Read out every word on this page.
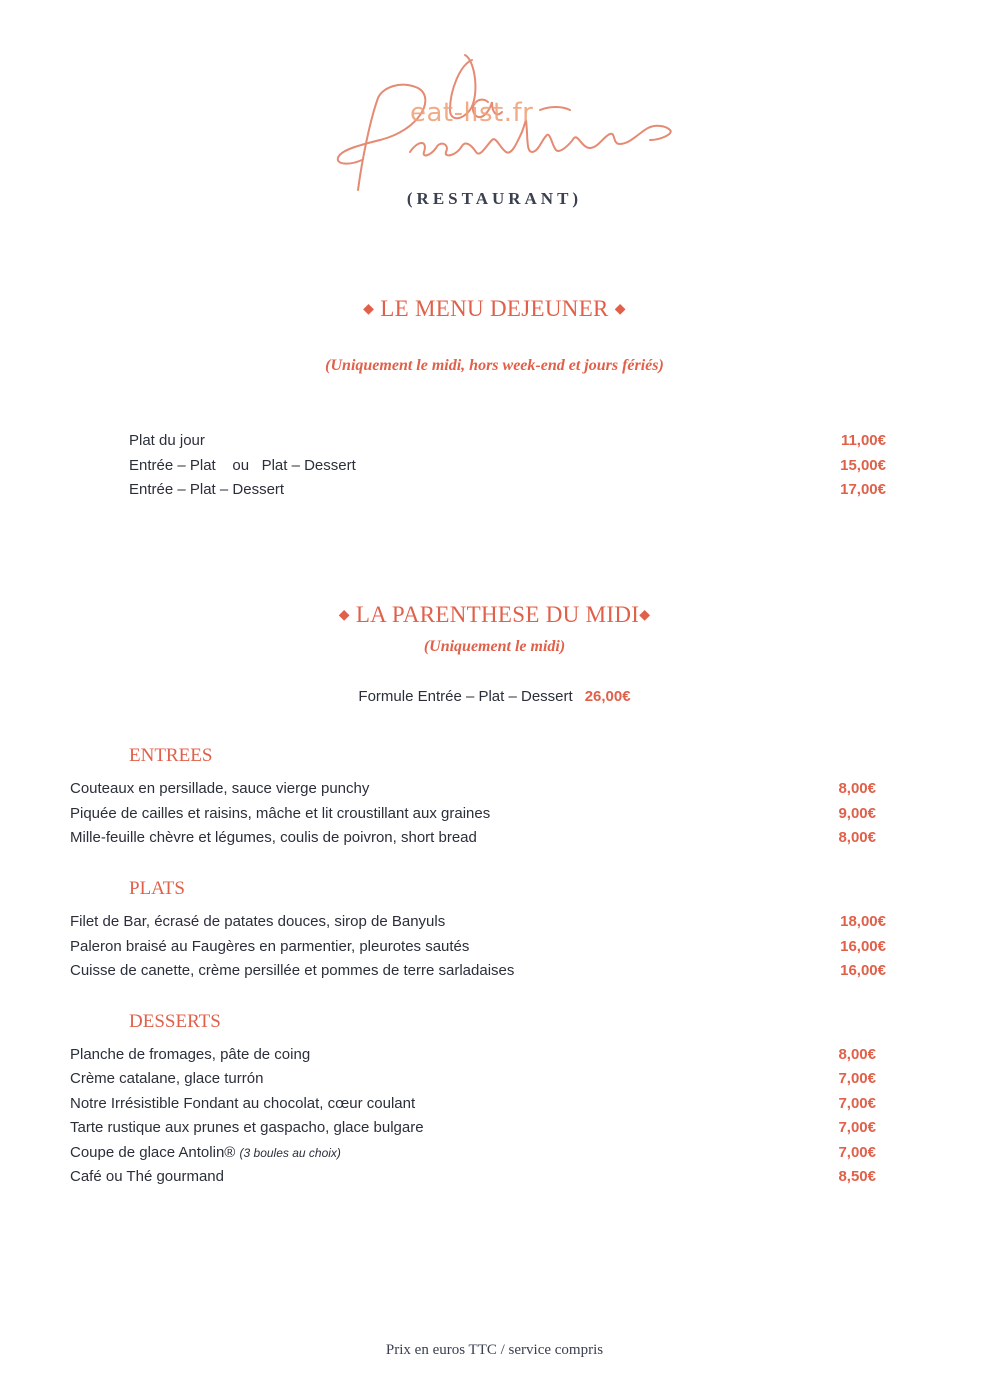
eat-list.fr
(RESTAURANT)
◆ LE MENU DEJEUNER ◆
(Uniquement le midi, hors week-end et jours fériés)
Plat du jour	11,00€
Entrée – Plat    ou   Plat – Dessert	15,00€
Entrée – Plat – Dessert	17,00€
◆ LA PARENTHESE DU MIDI◆
(Uniquement le midi)
Formule Entrée – Plat – Dessert 26,00€
ENTREES
Couteaux en persillade, sauce vierge punchy	8,00€
Piquée de cailles et raisins, mâche et lit croustillant aux graines	9,00€
Mille-feuille chèvre et légumes, coulis de poivron, short bread	8,00€
PLATS
Filet de Bar, écrasé de patates douces, sirop de Banyuls	18,00€
Paleron braisé au Faugères en parmentier, pleurotes sautés	16,00€
Cuisse de canette, crème persillée et pommes de terre sarladaises	16,00€
DESSERTS
Planche de fromages, pâte de coing	8,00€
Crème catalane, glace turrón	7,00€
Notre Irrésistible Fondant au chocolat, cœur coulant	7,00€
Tarte rustique aux prunes et gaspacho, glace bulgare	7,00€
Coupe de glace Antolin® (3 boules au choix)	7,00€
Café ou Thé gourmand	8,50€
Prix en euros TTC / service compris
